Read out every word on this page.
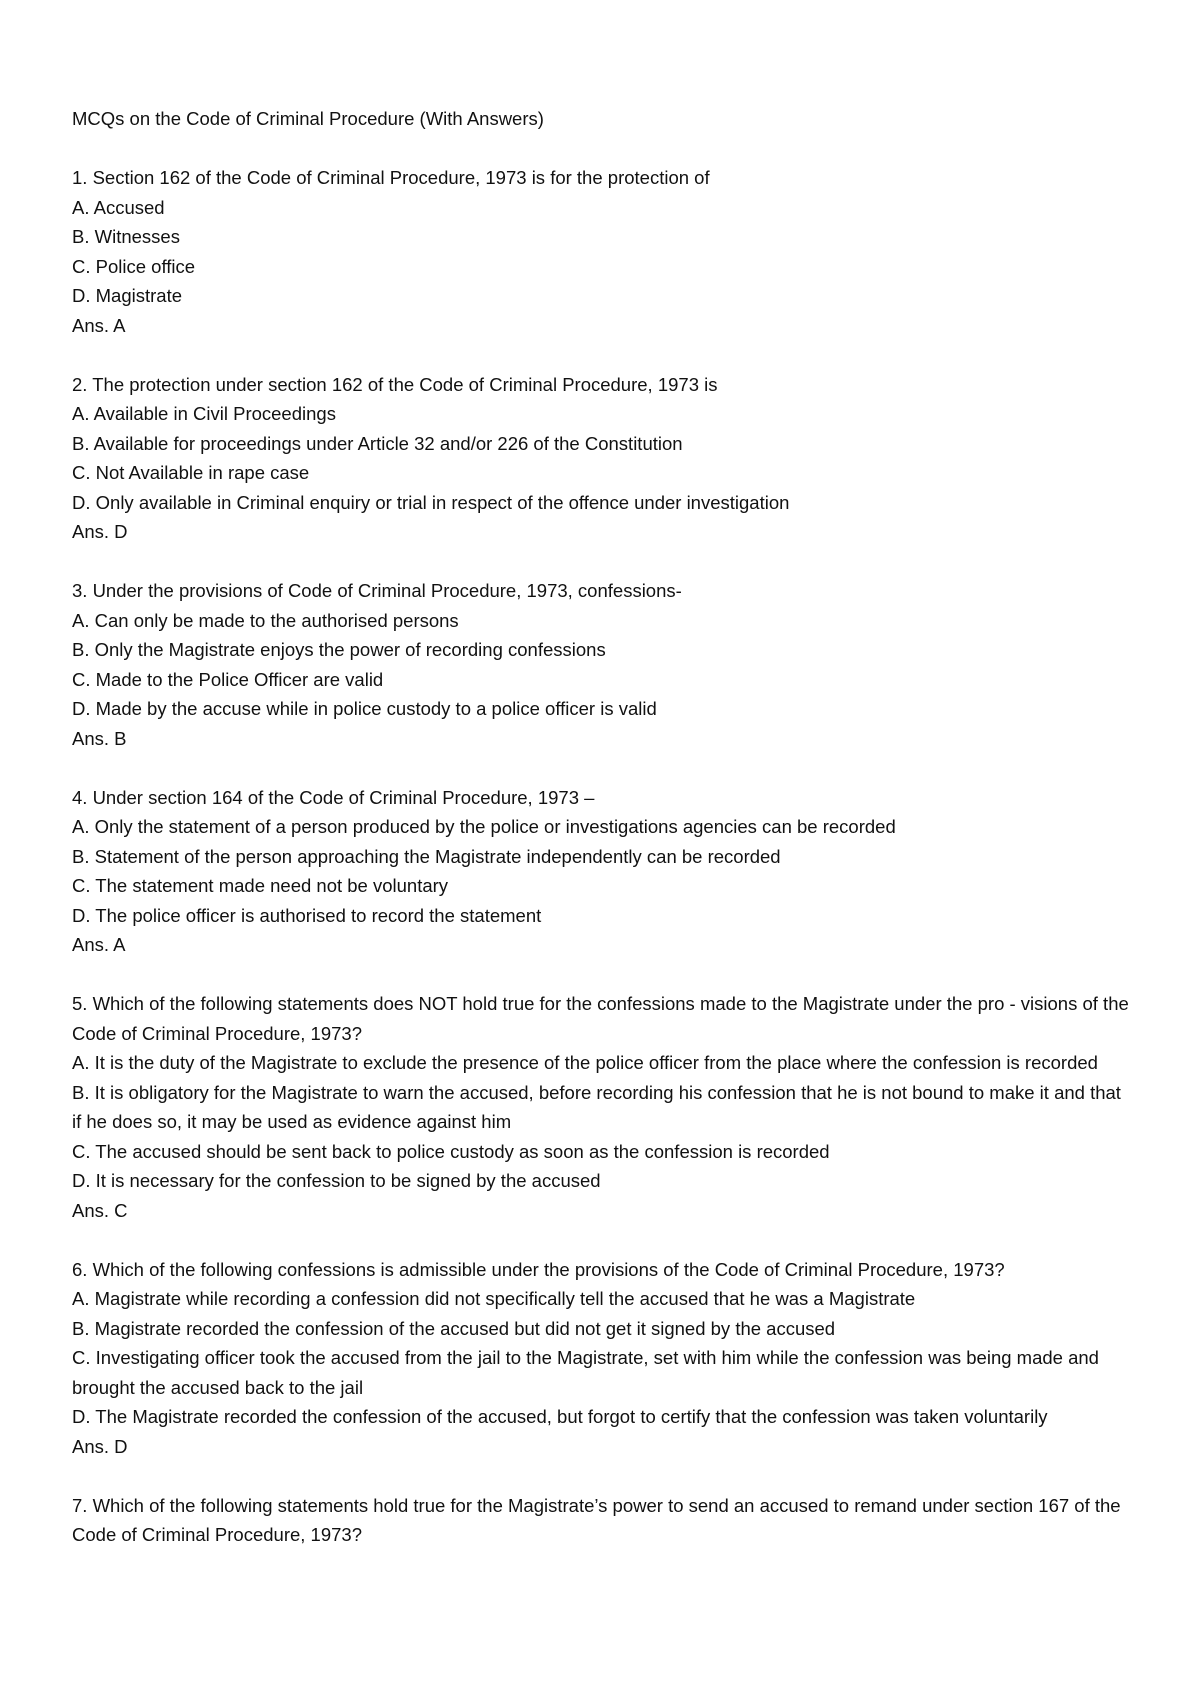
MCQs on the Code of Criminal Procedure (With Answers)

1. Section 162 of the Code of Criminal Procedure, 1973 is for the protection of

A. Accused

B. Witnesses

C. Police office

D. Magistrate

Ans. A

2. The protection under section 162 of the Code of Criminal Procedure, 1973 is

A. Available in Civil Proceedings

B. Available for proceedings under Article 32 and/or 226 of the Constitution

C. Not Available in rape case

D. Only available in Criminal enquiry or trial in respect of the offence under investigation

Ans. D

3. Under the provisions of Code of Criminal Procedure, 1973, confessions-

A. Can only be made to the authorised persons

B. Only the Magistrate enjoys the power of recording confessions

C. Made to the Police Officer are valid

D. Made by the accuse while in police custody to a police officer is valid

Ans. B

4. Under section 164 of the Code of Criminal Procedure, 1973 –

A. Only the statement of a person produced by the police or investigations agencies can be recorded

B. Statement of the person approaching the Magistrate independently can be recorded

C. The statement made need not be voluntary

D. The police officer is authorised to record the statement

Ans. A

5. Which of the following statements does NOT hold true for the confessions made to the Magistrate under the pro - visions of the Code of Criminal Procedure, 1973?

A. It is the duty of the Magistrate to exclude the presence of the police officer from the place where the confession is recorded

B. It is obligatory for the Magistrate to warn the accused, before recording his confession that he is not bound to make it and that if he does so, it may be used as evidence against him

C. The accused should be sent back to police custody as soon as the confession is recorded

D. It is necessary for the confession to be signed by the accused

Ans. C

6. Which of the following confessions is admissible under the provisions of the Code of Criminal Procedure, 1973?

A. Magistrate while recording a confession did not specifically tell the accused that he was a Magistrate

B. Magistrate recorded the confession of the accused but did not get it signed by the accused

C. Investigating officer took the accused from the jail to the Magistrate, set with him while the confession was being made and brought the accused back to the jail

D. The Magistrate recorded the confession of the accused, but forgot to certify that the confession was taken voluntarily

Ans. D

7. Which of the following statements hold true for the Magistrate’s power to send an accused to remand under section 167 of the Code of Criminal Procedure, 1973?
